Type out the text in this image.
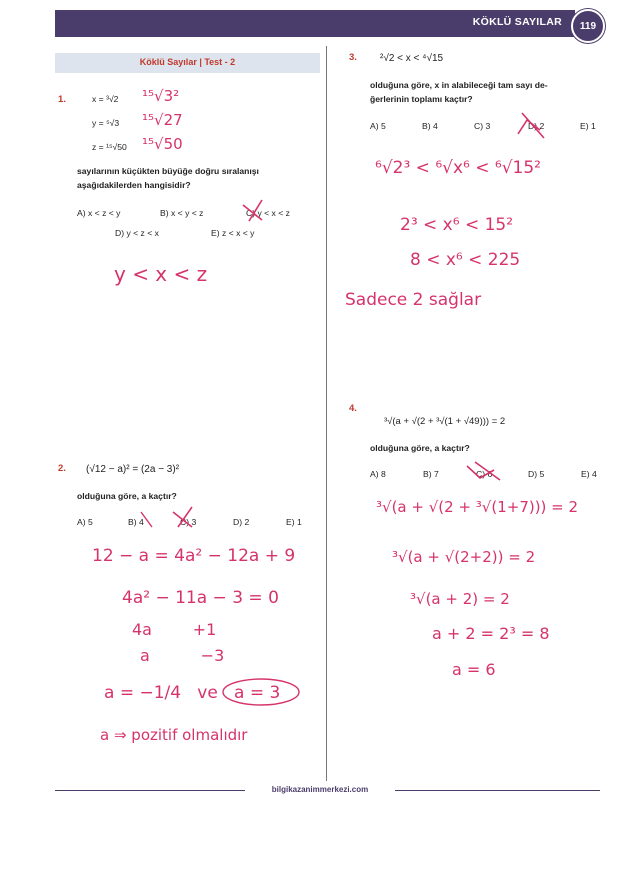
KÖKLÜ SAYILAR	119
Köklü Sayılar | Test - 2
1.	x = ³√2
y = ⁵√3
z = ¹⁵√50
¹⁵√3²
¹⁵√27
¹⁵√50
sayılarının küçükten büyüğe doğru sıralanışı
aşağıdakilerden hangisidir?
A) x < z < y	B) x < y < z	C) y < x < z
D) y < z < x	E) z < x < y
y < x < z
2. (√12 − a)² = (2a − 3)²
olduğuna göre, a kaçtır?
A) 5	B) 4	C) 3	D) 2	E) 1
12 − a = 4a² − 12a + 9
4a² − 11a − 3 = 0
4a        +1
a          −3
a = −1/4   ve   a = 3
a ⇒ pozitif olmalıdır
3. ²√2 < x < ⁴√15
olduğuna göre, x in alabileceği tam sayı de-
ğerlerinin toplamı kaçtır?
A) 5	B) 4	C) 3	D) 2	E) 1
⁶√2³ < ⁶√x⁶ < ⁶√15²
2³ < x⁶ < 15²
8 < x⁶ < 225
Sadece 2 sağlar
4.
³√(a + √(2 + ³√(1 + √49))) = 2
olduğuna göre, a kaçtır?
A) 8	B) 7	C) 6	D) 5	E) 4
³√(a + √(2 + ³√(1+7))) = 2
³√(a + √(2+2)) = 2
³√(a + 2) = 2
a + 2 = 2³ = 8
a = 6
bilgikazanimmerkezi.com
